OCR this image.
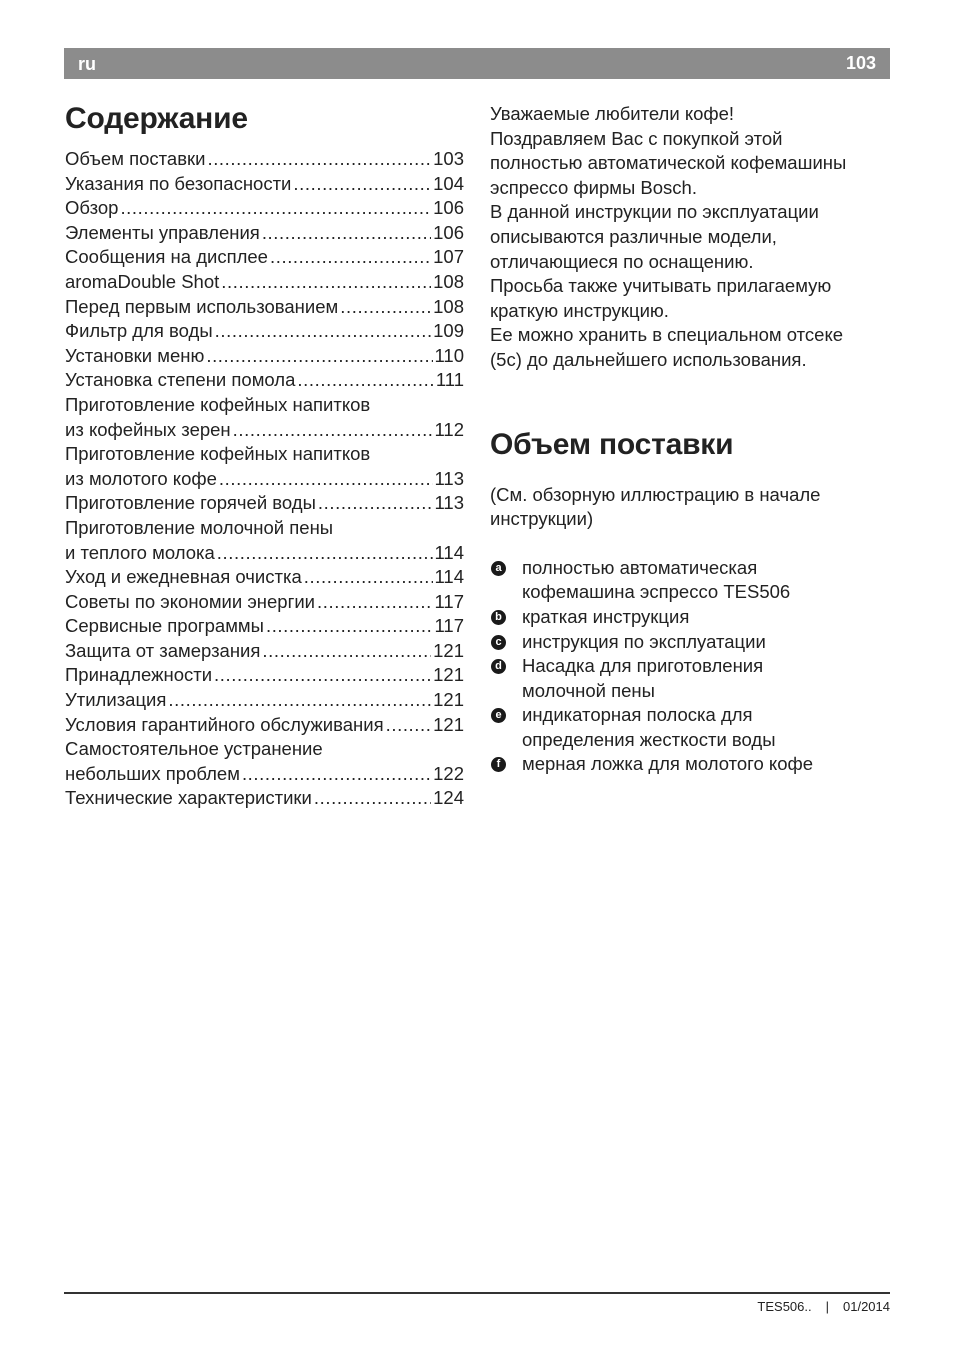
ru	103
Содержание
Объем поставки .....	103
Указания по безопасности .....	104
Обзор .....	106
Элементы управления .....	106
Сообщения на дисплее .....	107
aromaDouble Shot .....	108
Перед первым использованием .....	108
Фильтр для воды .....	109
Установки меню .....	110
Установка степени помола .....	111
Приготовление кофейных напитков
из кофейных зерен .....	112
Приготовление кофейных напитков
из молотого кофе .....	113
Приготовление горячей воды .....	113
Приготовление молочной пены
и теплого молока .....	114
Уход и ежедневная очистка .....	114
Советы по экономии энергии .....	117
Сервисные программы .....	117
Защита от замерзания .....	121
Принадлежности .....	121
Утилизация .....	121
Условия гарантийного обслуживания .....	121
Самостоятельное устранение
небольших проблем .....	122
Технические характеристики .....	124

Уважаемые любители кофе!

Поздравляем Вас с покупкой этой

полностью автоматической кофемашины

эспрессо фирмы Bosch.

В данной инструкции по эксплуатации

описываются различные модели,

отличающиеся по оснащению.

Просьба также учитывать прилагаемую

краткую инструкцию.

Ее можно хранить в специальном отсеке

(5c) до дальнейшего использования.

Объем поставки
(См. обзорную иллюстрацию в начале
инструкции)
a полностью автоматическая
кофемашина эспрессо TES506
b краткая инструкция
c инструкция по эксплуатации
d Насадка для приготовления
молочной пены
e индикаторная полоска для
определения жесткости воды
f	мерная ложка для молотого кофе
TES506.. | 01/2014
